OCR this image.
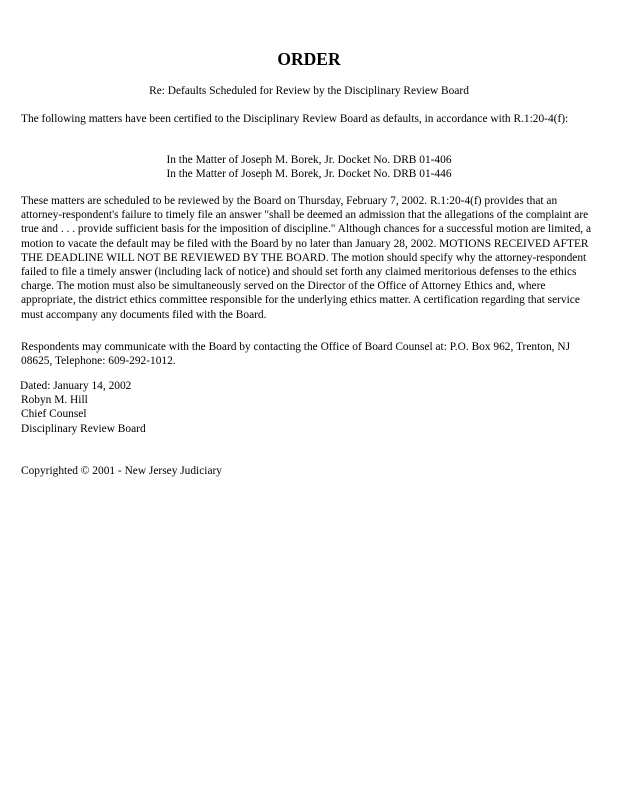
ORDER

Re: Defaults Scheduled for Review by the Disciplinary Review Board

The following matters have been certified to the Disciplinary Review Board as defaults, in accordance with R.1:20-4(f):

In the Matter of Joseph M. Borek, Jr. Docket No. DRB 01-406
In the Matter of Joseph M. Borek, Jr. Docket No. DRB 01-446

These matters are scheduled to be reviewed by the Board on Thursday, February 7, 2002. R.1:20-4(f) provides that an attorney-respondent's failure to timely file an answer "shall be deemed an admission that the allegations of the complaint are true and . . . provide sufficient basis for the imposition of discipline." Although chances for a successful motion are limited, a motion to vacate the default may be filed with the Board by no later than January 28, 2002. MOTIONS RECEIVED AFTER THE DEADLINE WILL NOT BE REVIEWED BY THE BOARD. The motion should specify why the attorney-respondent failed to file a timely answer (including lack of notice) and should set forth any claimed meritorious defenses to the ethics charge. The motion must also be simultaneously served on the Director of the Office of Attorney Ethics and, where appropriate, the district ethics committee responsible for the underlying ethics matter. A certification regarding that service must accompany any documents filed with the Board.

Respondents may communicate with the Board by contacting the Office of Board Counsel at: P.O. Box 962, Trenton, NJ 08625, Telephone: 609-292-1012.

Dated: January 14, 2002
Robyn M. Hill
Chief Counsel
Disciplinary Review Board

Copyrighted © 2001 - New Jersey Judiciary
